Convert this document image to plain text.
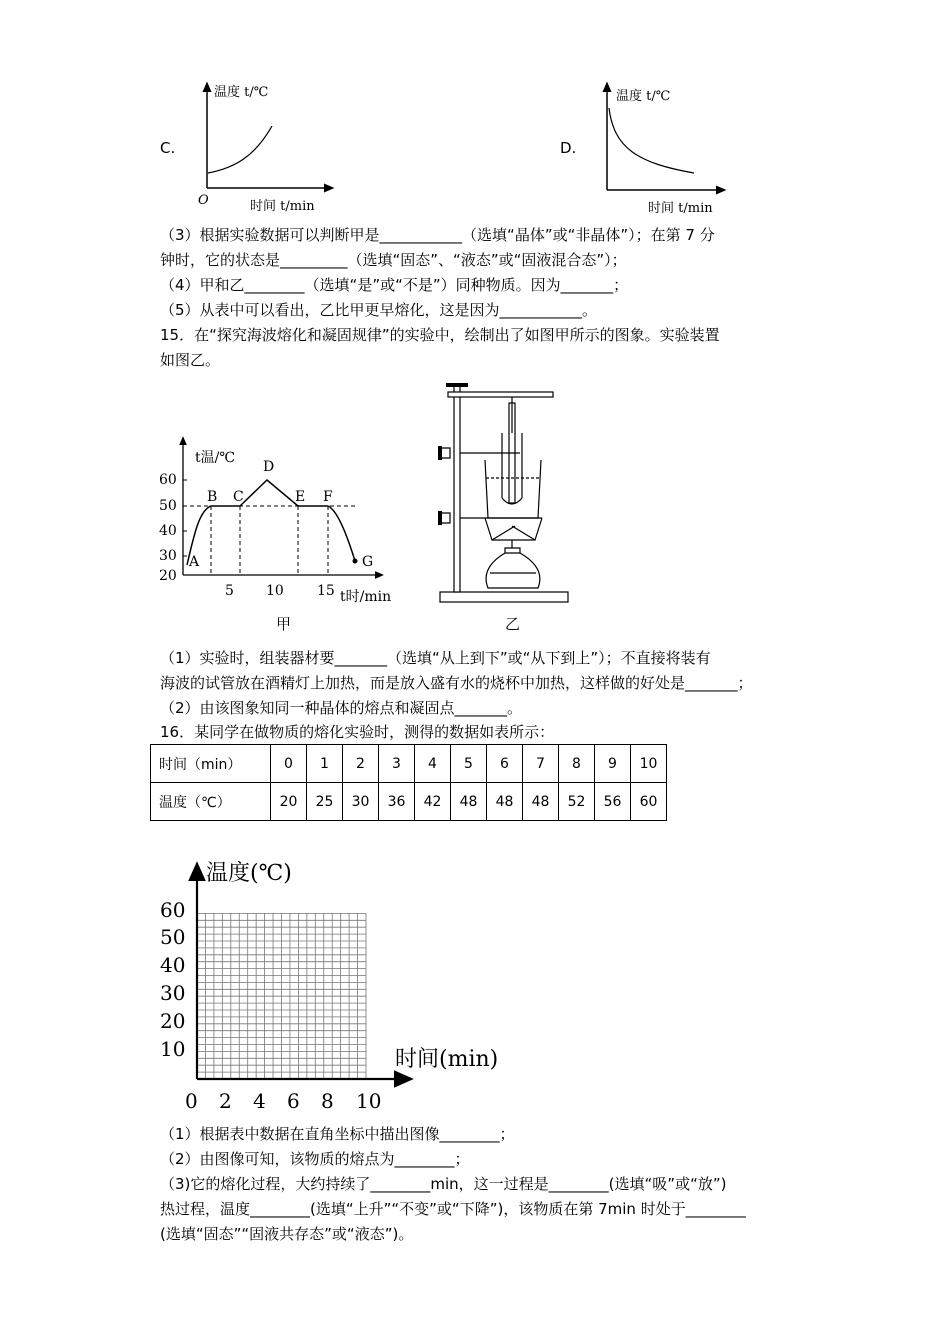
C.
温度 t/℃
时间 t/min
O
D.
温度 t/℃
时间 t/min
（3）根据实验数据可以判断甲是___________（选填“晶体”或“非晶体”）；在第 7 分
钟时，它的状态是_________（选填“固态”、“液态”或“固液混合态”）；
（4）甲和乙________（选填“是”或“不是”）同种物质。因为_______；
（5）从表中可以看出，乙比甲更早熔化，这是因为___________。
15．在“探究海波熔化和凝固规律”的实验中，绘制出了如图甲所示的图象。实验装置
如图乙。
60
50
40
30
20
5 10 15
A
B C
D
E F
G
t温/℃
t时/min
甲	乙
（1）实验时，组装器材要_______（选填“从上到下”或“从下到上”）；不直接将装有
海波的试管放在酒精灯上加热，而是放入盛有水的烧杯中加热，这样做的好处是_______；
（2）由该图象知同一种晶体的熔点和凝固点_______。
16．某同学在做物质的熔化实验时，测得的数据如表所示：
时间（min）	0	1	2	3	4	5	6	7	8	9	10
温度（℃）	20	25	30	36	42	48	48	48	52	56	60
温度(℃)
时间(min)
60
50
40
30
20
10
0 2 4 6 8 10
（1）根据表中数据在直角坐标中描出图像________；
（2）由图像可知，该物质的熔点为________；
（3)它的熔化过程，大约持续了________min，这一过程是________(选填“吸”或“放”)
热过程，温度________(选填“上升”“不变”或“下降”)，该物质在第 7min 时处于________
(选填“固态”“固液共存态”或“液态”)。
